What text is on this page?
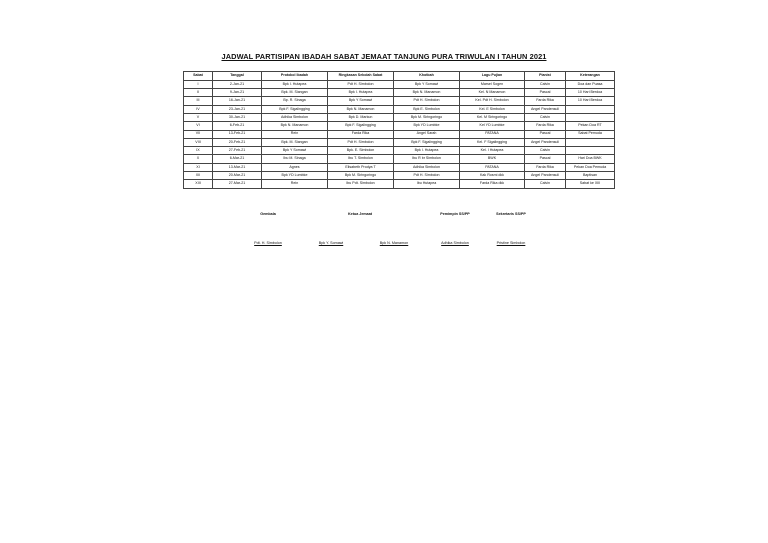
JADWAL PARTISIPAN IBADAH SABAT JEMAAT TANJUNG PURA TRIWULAN I TAHUN 2021
Sabat	Tanggal	Protokol Ibadah	Ringkasan Sekolah Sabat	Khotbah	Lagu Pujian	Pianist	Keterangan
I	2-Jan-21	Bpk I. Hutapea	Pdt H. Simbolon	Bpk Y Somawi	Marsel Sogen	Calvin	Doa dan Puasa
II	9-Jan-21	Bpk. M. Siangan	Bpk I. Hutapea	Bpk N. Manamon	Kel. N Manamon	Pascal	10 Hari Berdoa
III	16-Jan-21	Bp. R. Sinaga	Bpk Y Somawi	Pdt H. Simbolon	Kel. Pdt H. Simbolon	Farda Rika	10 Hari Berdoa
IV	23-Jan-21	Bpk F. Sigalingging	Bpk N. Manamon	Bpk E. Simbolon	Kel. E Simbolon	Angel Pandensuli	
V	30-Jan-21	Adhika Simbolon	Bpk D. Markun	Bpk M. Siringoringo	Kel. M Siringoringo	Calvin	
VI	6-Feb-21	Bpk N. Manamon	Bpk F. Sigalingging	Bpk YD Lumbke	Kel YD Lumbke	Farda Rika	Pekan Doa RT
VII	13-Feb-21	Rein	Farda Rika	Angel Sarah	PATANA	Pascal	Sabat Pemuda
VIII	20-Feb-21	Bpk. M. Siangan	Pdt H. Simbolon	Bpk F. Sigalingging	Kel. F Sigalingging	Angel Pandensuli	
IX	27-Feb-21	Bpk Y Somawi	Bpk. E. Simbolon	Bpk I. Hutapea	Kel. I Hutapea	Calvin	
X	6-Mar-21	Ibu M. Sinaga	Ibu T. Simbolon	Ibu R br Simbolon	BWK	Pascal	Hari Doa BWK
XI	13-Mar-21	Agnes	Elisabeth Prodya T	Adhika Simbolon	PATANA	Farda Rika	Pekan Doa Pemuda
XII	20-Mar-21	Bpk YD Lumbke	Bpk M. Siringoringo	Pdt H. Simbolon	Kak Rosmi dkk	Angel Pandensuli	Baptisan
XIII	27-Mar-21	Rein	Ibu Pdt. Simbolon	Ibu Hutapea	Farda Rika dkk	Calvin	Sabat ke XIII
Gembala	Ketua Jemaat	Pemimpin SS/PP	Sekretaris SS/PP
Pdt. H. Simbolon	Bpk Y. Somawi	Bpk N. Manamon	Adhika Simbolon	Pristine Simbolon
